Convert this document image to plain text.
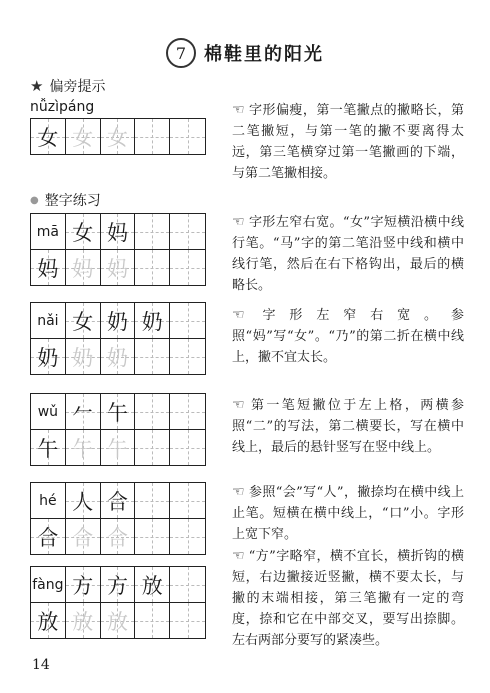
7 棉鞋里的阳光
★ 偏旁提示
nǚzìpáng
女 女 女
☜ 字形偏瘦，第一笔撇点的撇略长，第二笔撇短，与第一笔的撇不要离得太远，第三笔横穿过第一笔撇画的下端，与第二笔撇相接。
● 整字练习
mā 女 妈
妈 妈 妈
☜ 字形左窄右宽。“女”字短横沿横中线行笔。“马”字的第二笔沿竖中线和横中线行笔，然后在右下格钩出，最后的横略长。
nǎi 女 奶 奶
奶 奶 奶
☜ 字形左窄右宽。参照“妈”写“女”。“乃”的第二折在横中线上，撇不宜太长。
wǔ 𠂉 午
午 午 午
☜ 第一笔短撇位于左上格，两横参照“二”的写法，第二横要长，写在横中线上，最后的悬针竖写在竖中线上。
hé 人 合
合 合 合
☜ 参照“会”写“人”，撇捺均在横中线上止笔。短横在横中线上，“口”小。字形上宽下窄。
fàng 方 方 放
放 放 放
☜ “方”字略窄，横不宜长，横折钩的横短，右边撇接近竖撇，横不要太长，与撇的末端相接，第三笔撇有一定的弯度，捺和它在中部交叉，要写出捺脚。左右两部分要写的紧凑些。
14
